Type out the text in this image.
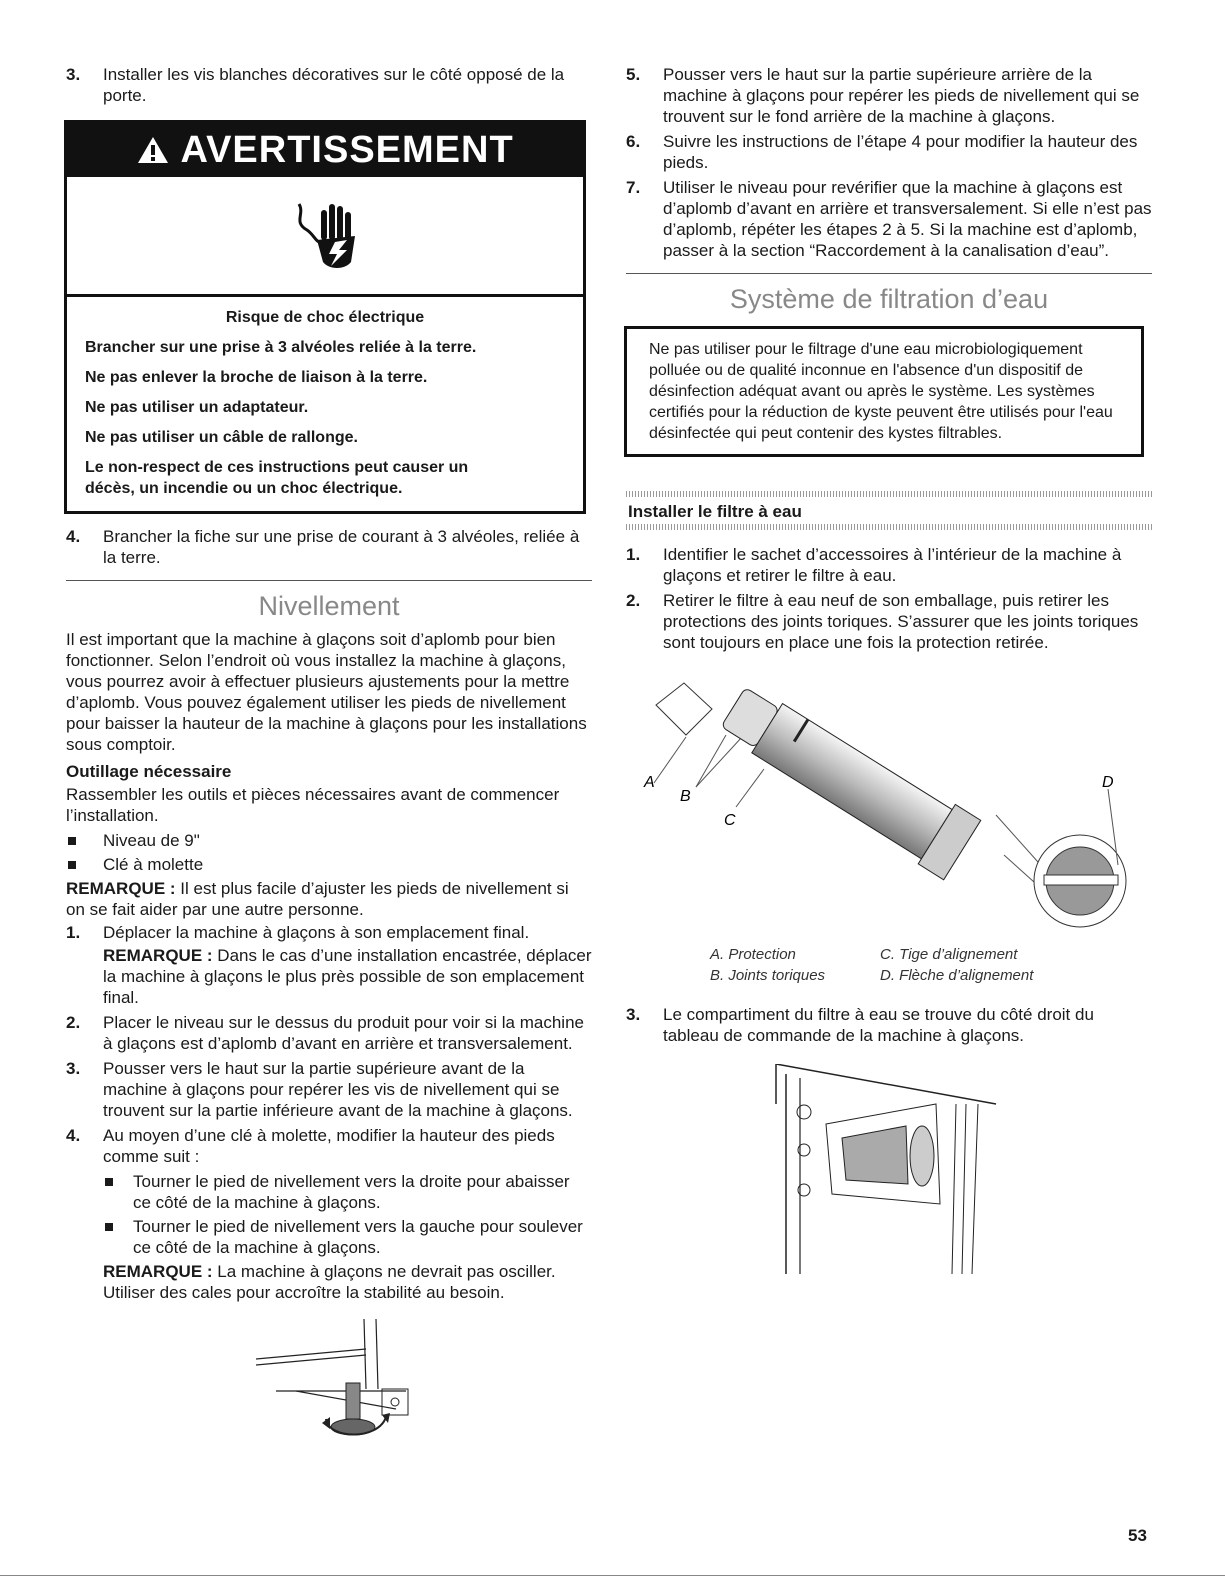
3. Installer les vis blanches décoratives sur le côté opposé de la porte.
AVERTISSEMENT
Risque de choc électrique

Brancher sur une prise à 3 alvéoles reliée à la terre.

Ne pas enlever la broche de liaison à la terre.

Ne pas utiliser un adaptateur.

Ne pas utiliser un câble de rallonge.

Le non-respect de ces instructions peut causer un décès, un incendie ou un choc électrique.

4. Brancher la fiche sur une prise de courant à 3 alvéoles, reliée à la terre.
Nivellement

Il est important que la machine à glaçons soit d’aplomb pour bien fonctionner. Selon l’endroit où vous installez la machine à glaçons, vous pourrez avoir à effectuer plusieurs ajustements pour la mettre d’aplomb. Vous pouvez également utiliser les pieds de nivellement pour baisser la hauteur de la machine à glaçons pour les installations sous comptoir.

Outillage nécessaire

Rassembler les outils et pièces nécessaires avant de commencer l’installation.

Niveau de 9"
Clé à molette

REMARQUE : Il est plus facile d’ajuster les pieds de nivellement si on se fait aider par une autre personne.

1. Déplacer la machine à glaçons à son emplacement final.
REMARQUE : Dans le cas d’une installation encastrée, déplacer la machine à glaçons le plus près possible de son emplacement final.
2. Placer le niveau sur le dessus du produit pour voir si la machine à glaçons est d’aplomb d’avant en arrière et transversalement.
3. Pousser vers le haut sur la partie supérieure avant de la machine à glaçons pour repérer les vis de nivellement qui se trouvent sur la partie inférieure avant de la machine à glaçons.
4. Au moyen d’une clé à molette, modifier la hauteur des pieds comme suit :
Tourner le pied de nivellement vers la droite pour abaisser ce côté de la machine à glaçons.
Tourner le pied de nivellement vers la gauche pour soulever ce côté de la machine à glaçons.
REMARQUE : La machine à glaçons ne devrait pas osciller. Utiliser des cales pour accroître la stabilité au besoin.
5. Pousser vers le haut sur la partie supérieure arrière de la machine à glaçons pour repérer les pieds de nivellement qui se trouvent sur le fond arrière de la machine à glaçons.
6. Suivre les instructions de l’étape 4 pour modifier la hauteur des pieds.
7. Utiliser le niveau pour revérifier que la machine à glaçons est d’aplomb d’avant en arrière et transversalement. Si elle n’est pas d’aplomb, répéter les étapes 2 à 5. Si la machine est d’aplomb, passer à la section “Raccordement à la canalisation d’eau”.
Système de filtration d’eau
Ne pas utiliser pour le filtrage d'une eau microbiologiquement polluée ou de qualité inconnue en l'absence d'un dispositif de désinfection adéquat avant ou après le système. Les systèmes certifiés pour la réduction de kyste peuvent être utilisés pour l'eau désinfectée qui peut contenir des kystes filtrables.
Installer le filtre à eau
1. Identifier le sachet d’accessoires à l’intérieur de la machine à glaçons et retirer le filtre à eau.
2. Retirer le filtre à eau neuf de son emballage, puis retirer les protections des joints toriques. S’assurer que les joints toriques sont toujours en place une fois la protection retirée.
A
B
C
D
A. Protection	C. Tige d’alignement
B. Joints toriques	D. Flèche d’alignement
3. Le compartiment du filtre à eau se trouve du côté droit du tableau de commande de la machine à glaçons.
53
